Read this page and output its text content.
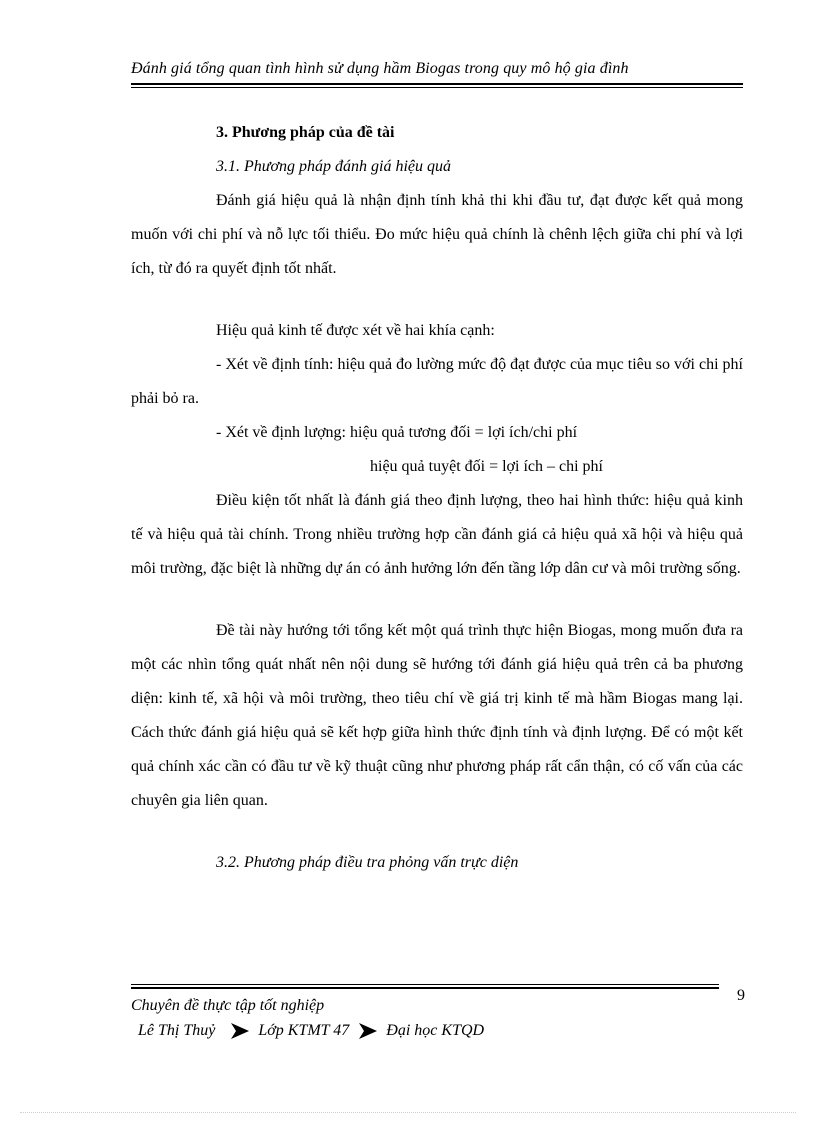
Đánh giá tổng quan tình hình sử dụng hầm Biogas trong quy mô hộ gia đình

3. Phương pháp của đề tài

3.1. Phương pháp đánh giá hiệu quả

Đánh giá hiệu quả là nhận định tính khả thi khi đầu tư, đạt được kết quả mong muốn với chi phí và nỗ lực tối thiểu. Đo mức hiệu quả chính là chênh lệch giữa chi phí và lợi ích, từ đó ra quyết định tốt nhất.

Hiệu quả kinh tế được xét về hai khía cạnh:

- Xét về định tính: hiệu quả đo lường mức độ đạt được của mục tiêu so với chi phí phải bỏ ra.

- Xét về định lượng: hiệu quả tương đối = lợi ích/chi phí

hiệu quả tuyệt đối = lợi ích – chi phí

Điều kiện tốt nhất là đánh giá theo định lượng, theo hai hình thức: hiệu quả kinh tế và hiệu quả tài chính. Trong nhiều trường hợp cần đánh giá cả hiệu quả xã hội và hiệu quả môi trường, đặc biệt là những dự án có ảnh hưởng lớn đến tầng lớp dân cư và môi trường sống.

Đề tài này hướng tới tổng kết một quá trình thực hiện Biogas, mong muốn đưa ra một các nhìn tổng quát nhất nên nội dung sẽ hướng tới đánh giá hiệu quả trên cả ba phương diện: kinh tế, xã hội và môi trường, theo tiêu chí về giá trị kinh tế mà hầm Biogas mang lại. Cách thức đánh giá hiệu quả sẽ kết hợp giữa hình thức định tính và định lượng. Để có một kết quả chính xác cần có đầu tư về kỹ thuật cũng như phương pháp rất cẩn thận, có cố vấn của các chuyên gia liên quan.

3.2. Phương pháp điều tra phỏng vấn trực diện

9
Chuyên đề thực tập tốt nghiệp
Lê Thị Thuỷ	Lớp KTMT 47 Đại học KTQD
